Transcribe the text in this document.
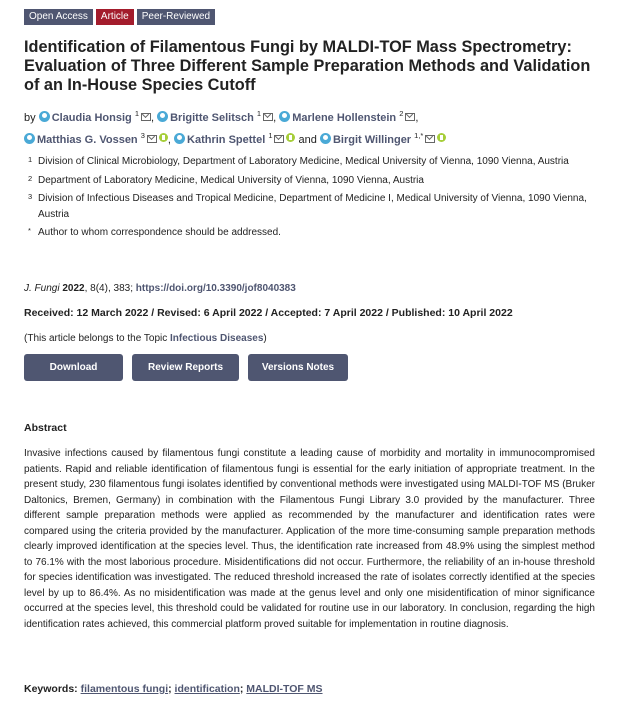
Open Access	Article	Peer-Reviewed
Identification of Filamentous Fungi by MALDI-TOF Mass Spectrometry: Evaluation of Three Different Sample Preparation Methods and Validation of an In-House Species Cutoff
by Claudia Honsig $^1$ , Brigitte Selitsch $^1$ , Marlene Hollenstein $^2$ ,
Matthias G. Vossen $^3$ , Kathrin Spettel $^1$ and Birgit Willinger $^{1,*}$
1 Division of Clinical Microbiology, Department of Laboratory Medicine, Medical University of Vienna, 1090 Vienna, Austria
2 Department of Laboratory Medicine, Medical University of Vienna, 1090 Vienna, Austria
3 Division of Infectious Diseases and Tropical Medicine, Department of Medicine I, Medical University of Vienna, 1090 Vienna, Austria
* Author to whom correspondence should be addressed.
J. Fungi 2022, 8(4), 383; https://doi.org/10.3390/jof8040383
Received: 12 March 2022 / Revised: 6 April 2022 / Accepted: 7 April 2022 / Published: 10 April 2022
(This article belongs to the Topic Infectious Diseases)
Download	Review Reports	Versions Notes
Abstract
Invasive infections caused by filamentous fungi constitute a leading cause of morbidity and mortality in immunocompromised patients. Rapid and reliable identification of filamentous fungi is essential for the early initiation of appropriate treatment. In the present study, 230 filamentous fungi isolates identified by conventional methods were investigated using MALDI-TOF MS (Bruker Daltonics, Bremen, Germany) in combination with the Filamentous Fungi Library 3.0 provided by the manufacturer. Three different sample preparation methods were applied as recommended by the manufacturer and identification rates were compared using the criteria provided by the manufacturer. Application of the more time-consuming sample preparation methods clearly improved identification at the species level. Thus, the identification rate increased from 48.9% using the simplest method to 76.1% with the most laborious procedure. Misidentifications did not occur. Furthermore, the reliability of an in-house threshold for species identification was investigated. The reduced threshold increased the rate of isolates correctly identified at the species level by up to 86.4%. As no misidentification was made at the genus level and only one misidentification of minor significance occurred at the species level, this threshold could be validated for routine use in our laboratory. In conclusion, regarding the high identification rates achieved, this commercial platform proved suitable for implementation in routine diagnosis.
Keywords: filamentous fungi; identification; MALDI-TOF MS
